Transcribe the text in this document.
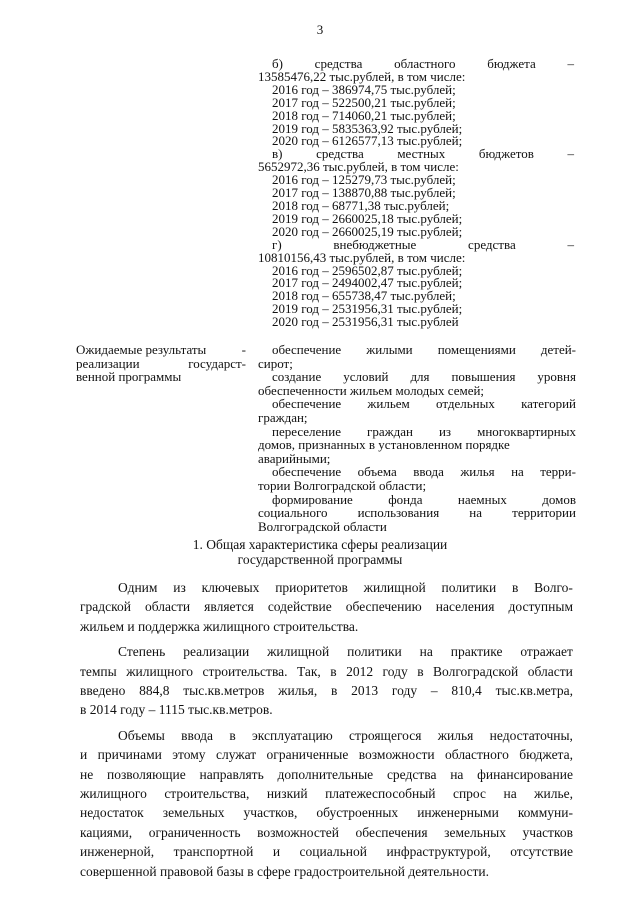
3
б) средства областного бюджета –
13585476,22 тыс.рублей, в том числе:
2016 год – 386974,75 тыс.рублей;
2017 год – 522500,21 тыс.рублей;
2018 год – 714060,21 тыс.рублей;
2019 год – 5835363,92 тыс.рублей;
2020 год – 6126577,13 тыс.рублей;
в)	средства	местных	бюджетов	–
5652972,36 тыс.рублей, в том числе:
2016 год – 125279,73 тыс.рублей;
2017 год – 138870,88 тыс.рублей;
2018 год – 68771,38 тыс.рублей;
2019 год – 2660025,18 тыс.рублей;
2020 год – 2660025,19 тыс.рублей;
г)	внебюджетные	средства	–
10810156,43 тыс.рублей, в том числе:
2016 год – 2596502,87 тыс.рублей;
2017 год – 2494002,47 тыс.рублей;
2018 год – 655738,47 тыс.рублей;
2019 год – 2531956,31 тыс.рублей;
2020 год – 2531956,31 тыс.рублей
Ожидаемые результаты	-
реализации	государст-
венной программы
обеспечение жилыми помещениями детей-
сирот;
создание условий для повышения уровня
обеспеченности жильем молодых семей;
обеспечение жильем отдельных категорий
граждан;
переселение граждан из многоквартирных
домов, признанных в установленном порядке
аварийными;
обеспечение объема ввода жилья на терри-
тории Волгоградской области;
формирование	фонда	наемных	домов
социального использования на территории
Волгоградской области
1. Общая характеристика сферы реализации
государственной программы
Одним из ключевых приоритетов жилищной политики в Волго-
градской области является содействие обеспечению населения доступным
жильем и поддержка жилищного строительства.
Степень реализации жилищной политики на практике отражает
темпы жилищного строительства. Так, в 2012 году в Волгоградской области
введено 884,8 тыс.кв.метров жилья, в 2013 году – 810,4 тыс.кв.метра,
в 2014 году – 1115 тыс.кв.метров.
Объемы ввода в эксплуатацию строящегося жилья недостаточны,
и причинами этому служат ограниченные возможности областного бюджета,
не позволяющие направлять дополнительные средства на финансирование
жилищного строительства, низкий платежеспособный спрос на жилье,
недостаток земельных участков, обустроенных инженерными коммуни-
кациями, ограниченность возможностей обеспечения земельных участков
инженерной, транспортной и социальной инфраструктурой, отсутствие
совершенной правовой базы в сфере градостроительной деятельности.
